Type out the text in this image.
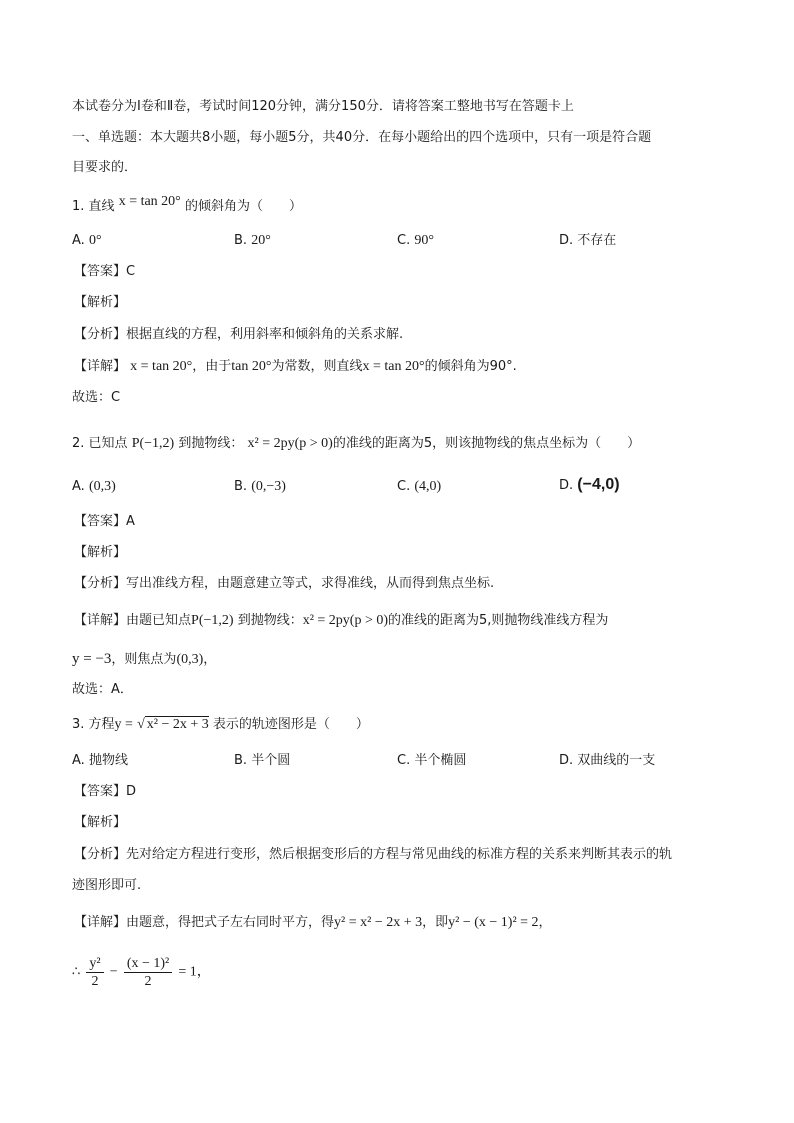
本试卷分为Ⅰ卷和Ⅱ卷，考试时间120分钟，满分150分．请将答案工整地书写在答题卡上
一、单选题：本大题共8小题，每小题5分，共40分．在每小题给出的四个选项中，只有一项是符合题
目要求的．
1. 直线 x = tan 20° 的倾斜角为（　　）
A. 0°	B. 20°	C. 90°	D. 不存在
【答案】C
【解析】
【分析】根据直线的方程，利用斜率和倾斜角的关系求解.
【详解】 x = tan 20°，由于tan 20°为常数，则直线x = tan 20°的倾斜角为90°.
故选：C
2. 已知点 P(−1,2) 到抛物线： x² = 2py(p > 0)的准线的距离为5，则该抛物线的焦点坐标为（　　）
A. (0,3)	B. (0,−3)	C. (4,0)	D. (−4,0)
【答案】A
【解析】
【分析】写出准线方程，由题意建立等式，求得准线，从而得到焦点坐标.
【详解】由题已知点P(−1,2) 到抛物线：x² = 2py(p > 0)的准线的距离为5,则抛物线准线方程为
y = −3，则焦点为(0,3)，
故选：A．
3. 方程y = √ x² − 2x + 3 表示的轨迹图形是（　　）
A. 抛物线	B. 半个圆	C. 半个椭圆	D. 双曲线的一支
【答案】D
【解析】
【分析】先对给定方程进行变形，然后根据变形后的方程与常见曲线的标准方程的关系来判断其表示的轨
迹图形即可.
【详解】由题意，得把式子左右同时平方，得y² = x² − 2x + 3，即y² − (x − 1)² = 2，
∴ $\frac{\text{y²}}{2} - \frac{\text{(x − 1)²}}{2} = 1$，
